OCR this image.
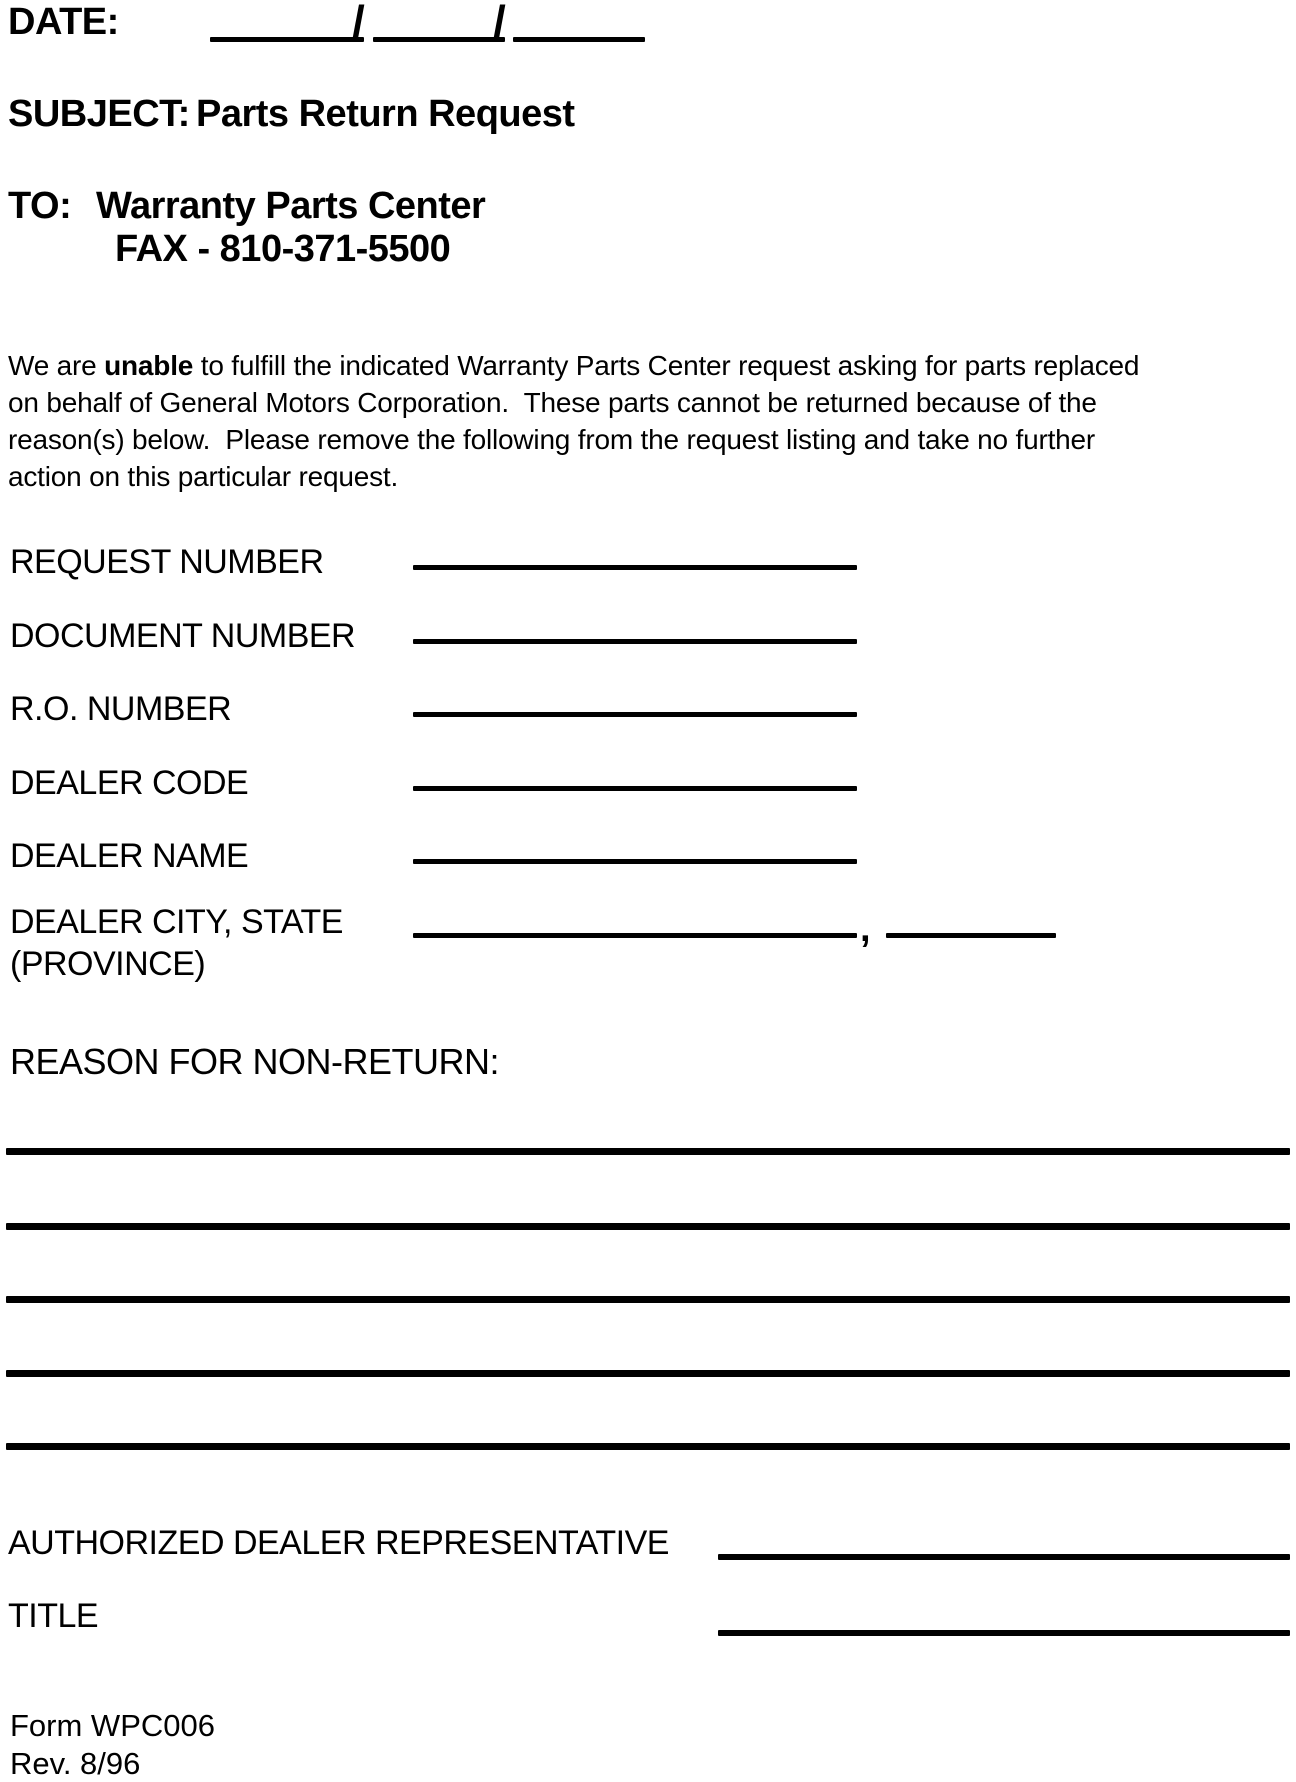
DATE:	/	/
SUBJECT: Parts Return Request
TO: Warranty Parts Center
FAX - 810-371-5500
We are unable to fulfill the indicated Warranty Parts Center request asking for parts replaced
on behalf of General Motors Corporation.  These parts cannot be returned because of the
reason(s) below.  Please remove the following from the request listing and take no further
action on this particular request.
REQUEST NUMBER
DOCUMENT NUMBER
R.O. NUMBER
DEALER CODE
DEALER NAME
DEALER CITY, STATE
(PROVINCE)
,
REASON FOR NON-RETURN:
AUTHORIZED DEALER REPRESENTATIVE
TITLE
Form WPC006
Rev. 8/96
